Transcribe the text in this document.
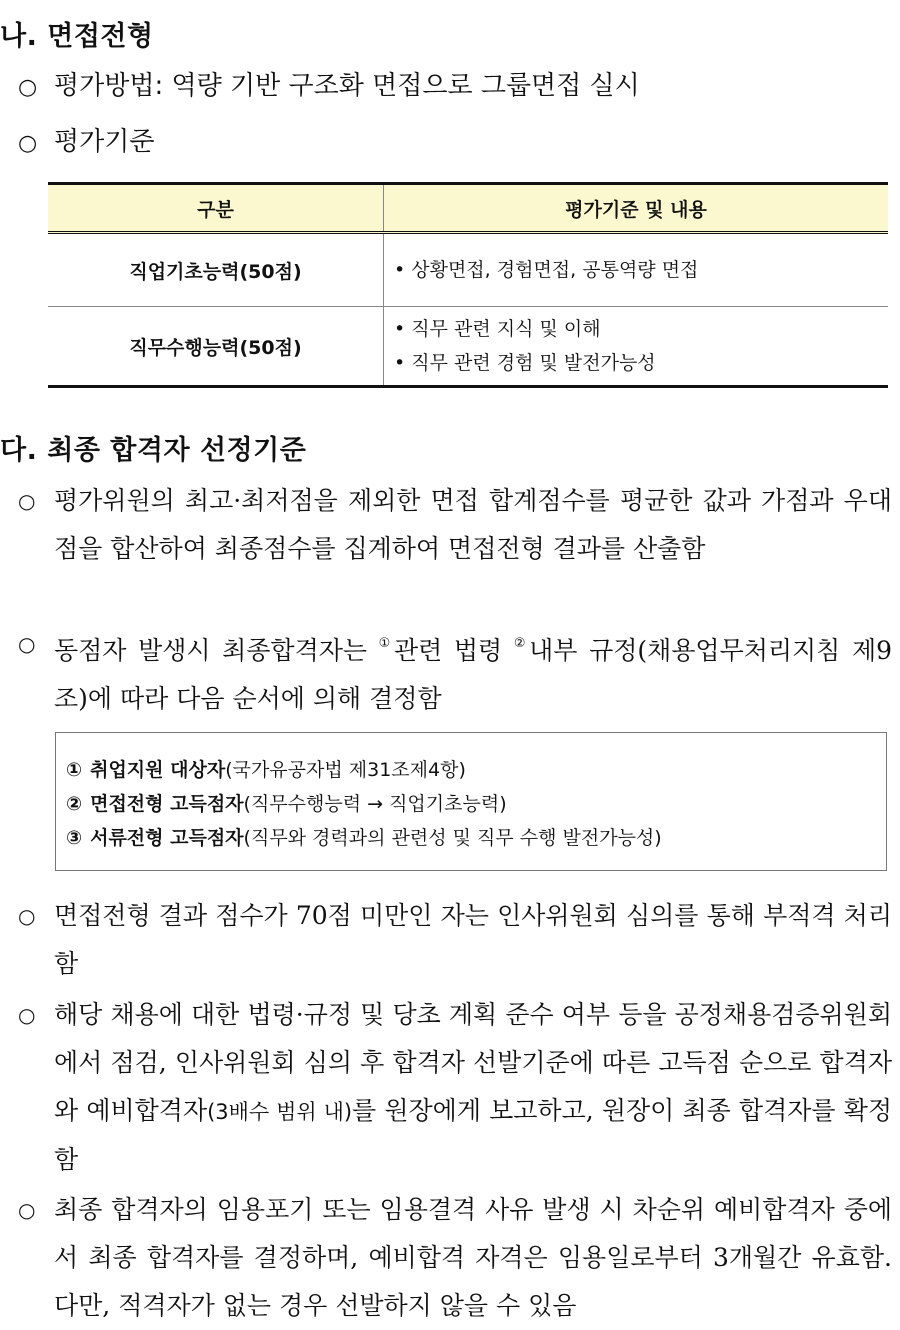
나. 면접전형
○ 평가방법: 역량 기반 구조화 면접으로 그룹면접 실시
○ 평가기준
구분	평가기준 및 내용
직업기초능력(50점)	• 상황면접, 경험면접, 공통역량 면접

직무수행능력(50점)	• 직무 관련 지식 및 이해
• 직무 관련 경험 및 발전가능성
다. 최종 합격자 선정기준
○ 평가위원의 최고·최저점을 제외한 면접 합계점수를 평균한 값과 가점과 우대점을 합산하여 최종점수를 집계하여 면접전형 결과를 산출함
○ 동점자 발생시 최종합격자는 ①관련 법령 ②내부 규정(채용업무처리지침 제9조)에 따라 다음 순서에 의해 결정함
① 취업지원 대상자(국가유공자법 제31조제4항)
② 면접전형 고득점자(직무수행능력 → 직업기초능력)
③ 서류전형 고득점자(직무와 경력과의 관련성 및 직무 수행 발전가능성)
○ 면접전형 결과 점수가 70점 미만인 자는 인사위원회 심의를 통해 부적격 처리함
○ 해당 채용에 대한 법령·규정 및 당초 계획 준수 여부 등을 공정채용검증위원회에서 점검, 인사위원회 심의 후 합격자 선발기준에 따른 고득점 순으로 합격자와 예비합격자(3배수 범위 내)를 원장에게 보고하고, 원장이 최종 합격자를 확정함
○ 최종 합격자의 임용포기 또는 임용결격 사유 발생 시 차순위 예비합격자 중에서 최종 합격자를 결정하며, 예비합격 자격은 임용일로부터 3개월간 유효함. 다만, 적격자가 없는 경우 선발하지 않을 수 있음
